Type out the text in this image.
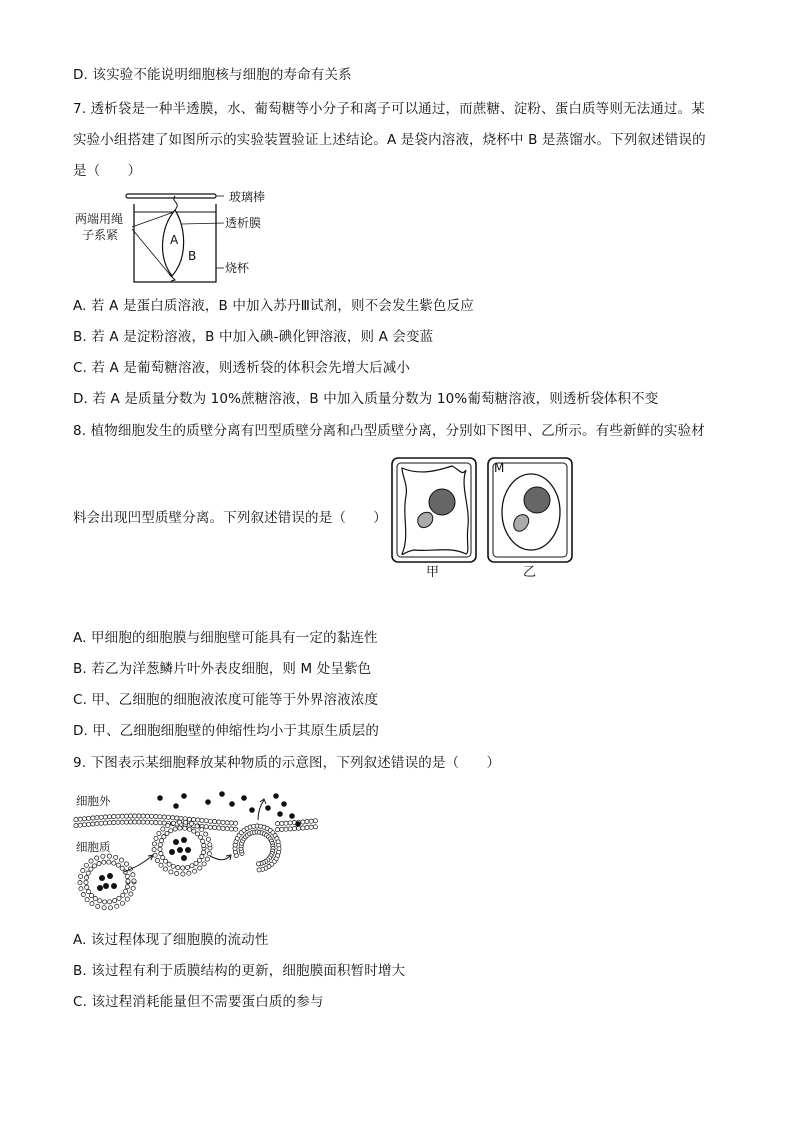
D. 该实验不能说明细胞核与细胞的寿命有关系
7. 透析袋是一种半透膜，水、葡萄糖等小分子和离子可以通过，而蔗糖、淀粉、蛋白质等则无法通过。某
实验小组搭建了如图所示的实验装置验证上述结论。A 是袋内溶液，烧杯中 B 是蒸馏水。下列叙述错误的
是（　　）
玻璃棒
两端用绳
子系紧
透析膜
A
B
烧杯
A. 若 A 是蛋白质溶液，B 中加入苏丹Ⅲ试剂，则不会发生紫色反应
B. 若 A 是淀粉溶液，B 中加入碘-碘化钾溶液，则 A 会变蓝
C. 若 A 是葡萄糖溶液，则透析袋的体积会先增大后减小
D. 若 A 是质量分数为 10%蔗糖溶液，B 中加入质量分数为 10%葡萄糖溶液，则透析袋体积不变
8. 植物细胞发生的质壁分离有凹型质壁分离和凸型质壁分离，分别如下图甲、乙所示。有些新鲜的实验材
M
料会出现凹型质壁分离。下列叙述错误的是（　　）
甲	乙
A. 甲细胞的细胞膜与细胞壁可能具有一定的黏连性
B. 若乙为洋葱鳞片叶外表皮细胞，则 M 处呈紫色
C. 甲、乙细胞的细胞液浓度可能等于外界溶液浓度
D. 甲、乙细胞细胞壁的伸缩性均小于其原生质层的
9. 下图表示某细胞释放某种物质的示意图，下列叙述错误的是（　　）
细胞外
细胞质
A. 该过程体现了细胞膜的流动性
B. 该过程有利于质膜结构的更新，细胞膜面积暂时增大
C. 该过程消耗能量但不需要蛋白质的参与
